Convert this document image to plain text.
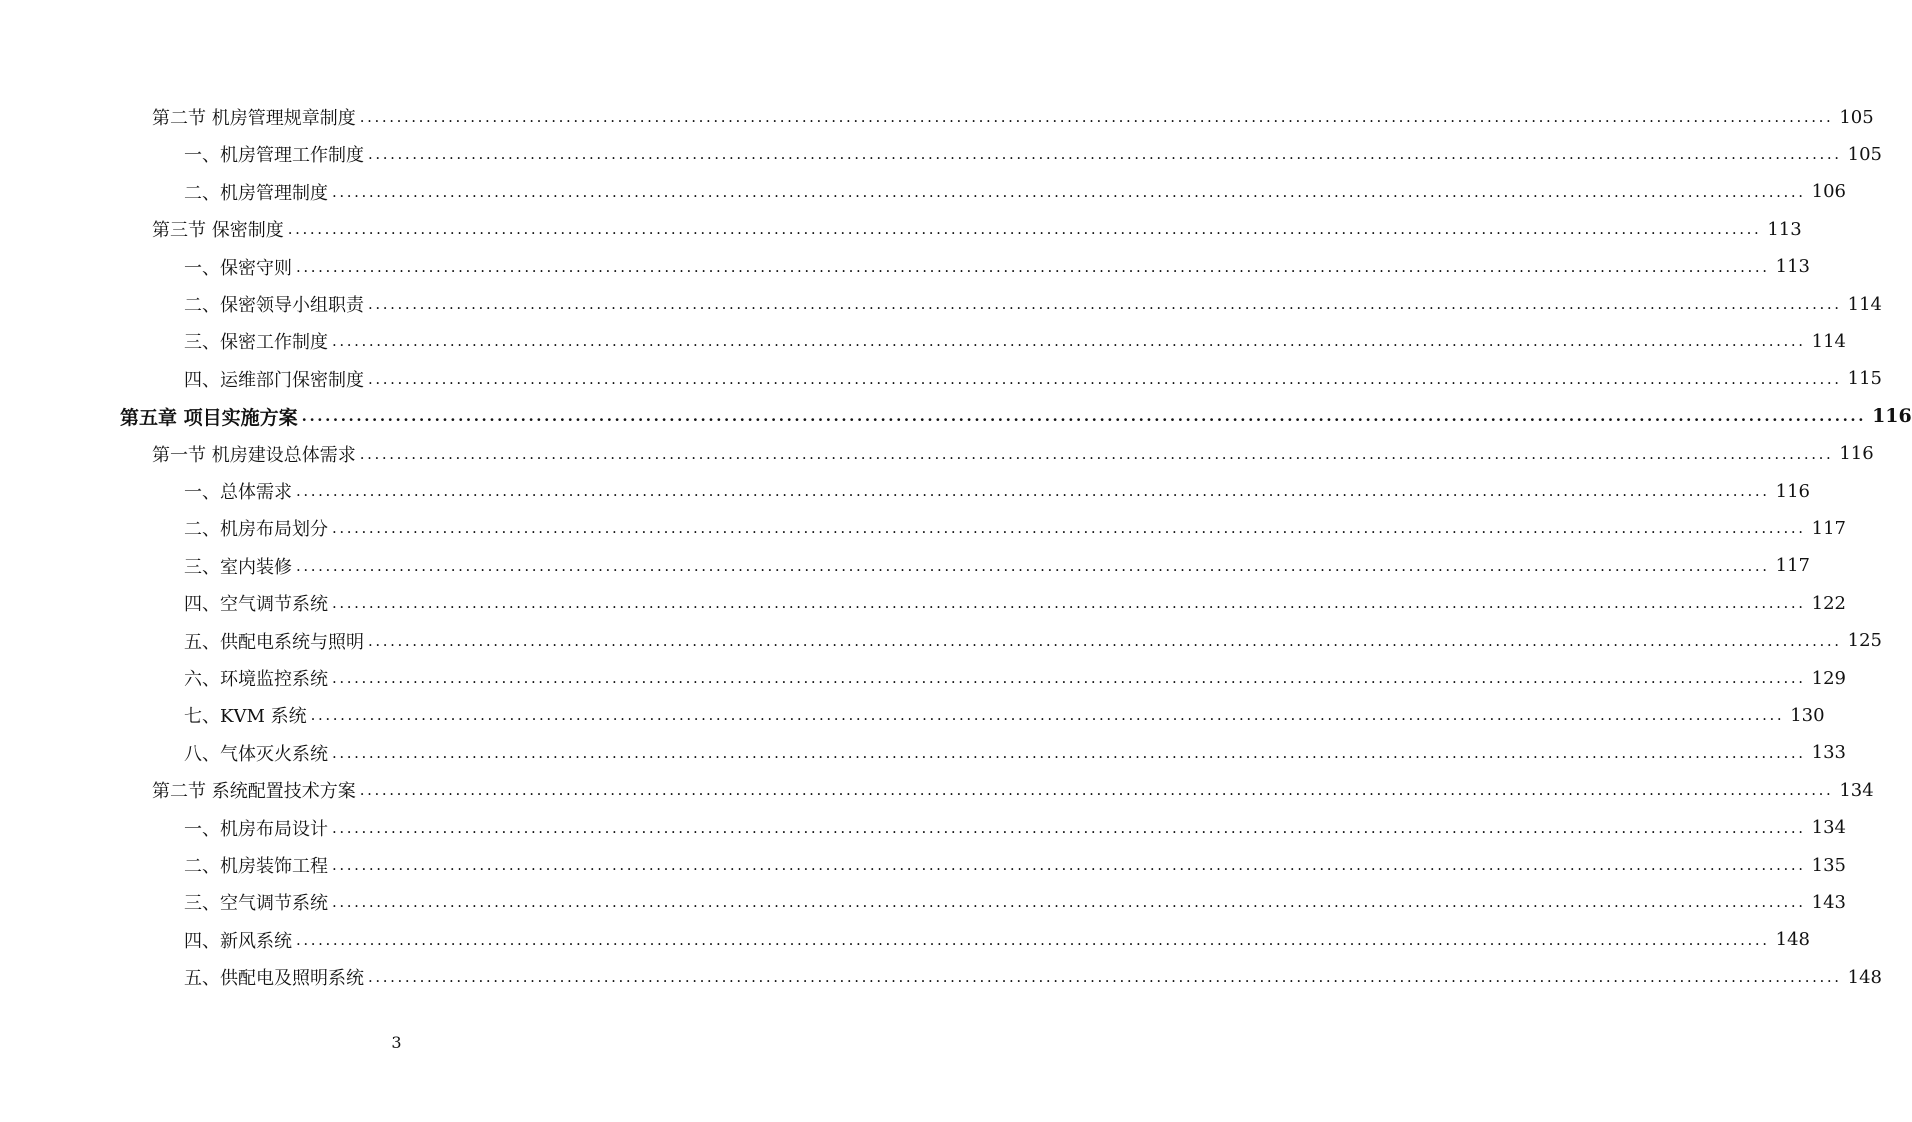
第二节 机房管理规章制度 ........................................................................................................................................................................................................ 105
一、机房管理工作制度 ........................................................................................................................................................................................................ 105
二、机房管理制度 ........................................................................................................................................................................................................ 106
第三节 保密制度 ........................................................................................................................................................................................................ 113
一、保密守则 ........................................................................................................................................................................................................ 113
二、保密领导小组职责 ........................................................................................................................................................................................................ 114
三、保密工作制度 ........................................................................................................................................................................................................ 114
四、运维部门保密制度 ........................................................................................................................................................................................................ 115
第五章 项目实施方案 ........................................................................................................................................................................................................ 116
第一节 机房建设总体需求 ........................................................................................................................................................................................................ 116
一、总体需求 ........................................................................................................................................................................................................ 116
二、机房布局划分 ........................................................................................................................................................................................................ 117
三、室内装修 ........................................................................................................................................................................................................ 117
四、空气调节系统 ........................................................................................................................................................................................................ 122
五、供配电系统与照明 ........................................................................................................................................................................................................ 125
六、环境监控系统 ........................................................................................................................................................................................................ 129
七、KVM 系统 ........................................................................................................................................................................................................ 130
八、气体灭火系统 ........................................................................................................................................................................................................ 133
第二节 系统配置技术方案 ........................................................................................................................................................................................................ 134
一、机房布局设计 ........................................................................................................................................................................................................ 134
二、机房装饰工程 ........................................................................................................................................................................................................ 135
三、空气调节系统 ........................................................................................................................................................................................................ 143
四、新风系统 ........................................................................................................................................................................................................ 148
五、供配电及照明系统 ........................................................................................................................................................................................................ 148
3
